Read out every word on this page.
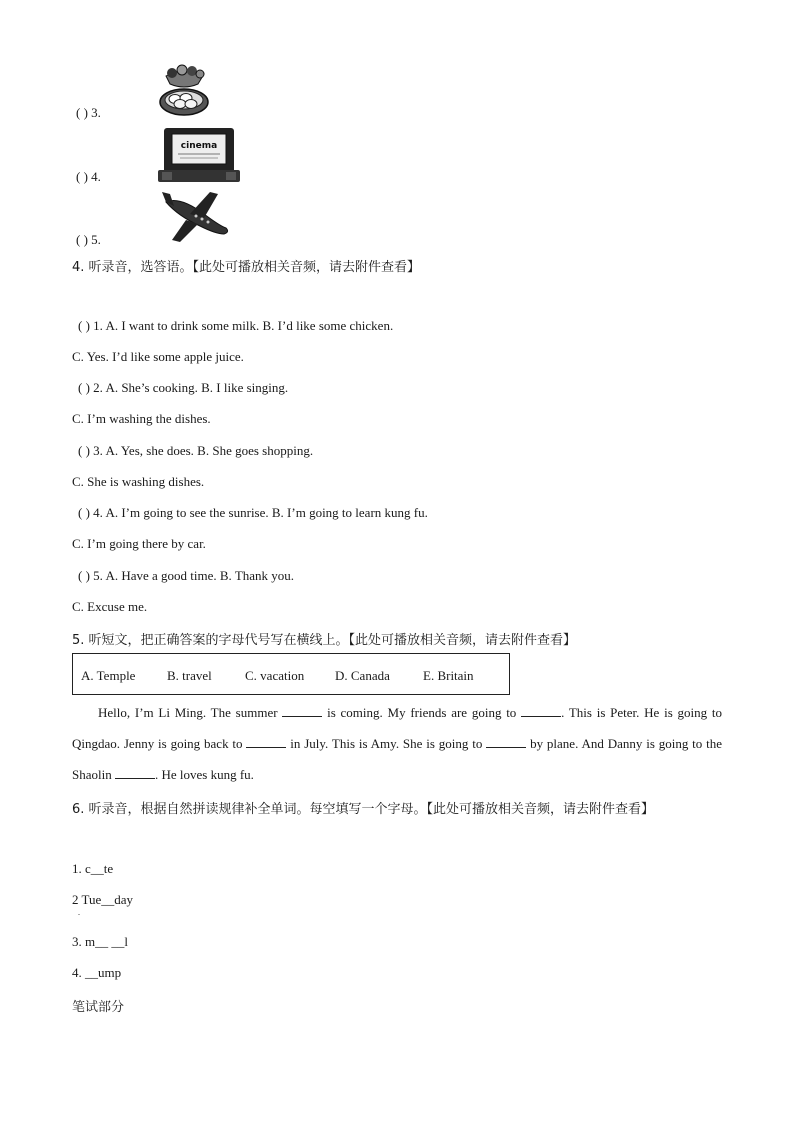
( ) 3.
( ) 4.
cinema
( ) 5.
4. 听录音，选答语。【此处可播放相关音频，请去附件查看】
( ) 1. A. I want to drink some milk. B. I’d like some chicken.
C. Yes. I’d like some apple juice.
( ) 2. A. She’s cooking. B. I like singing.
C. I’m washing the dishes.
( ) 3. A. Yes, she does. B. She goes shopping.
C. She is washing dishes.
( ) 4. A. I’m going to see the sunrise. B. I’m going to learn kung fu.
C. I’m going there by car.
( ) 5. A. Have a good time. B. Thank you.
C. Excuse me.
5. 听短文，把正确答案的字母代号写在横线上。【此处可播放相关音频，请去附件查看】
A. Temple B. travel	C. vacation D. Canada	E. Britain
Hello, I’m Li Ming. The summer	is coming. My friends are going to	. This is Peter. He is going to Qingdao. Jenny is going back to	in July. This is Amy. She is going to	by plane. And Danny is going to the Shaolin	. He loves kung fu.
6. 听录音，根据自然拼读规律补全单词。每空填写一个字母。【此处可播放相关音频，请去附件查看】
1. c__te
2 Tue__day
.
3. m__ __l
4. __ump
笔试部分
